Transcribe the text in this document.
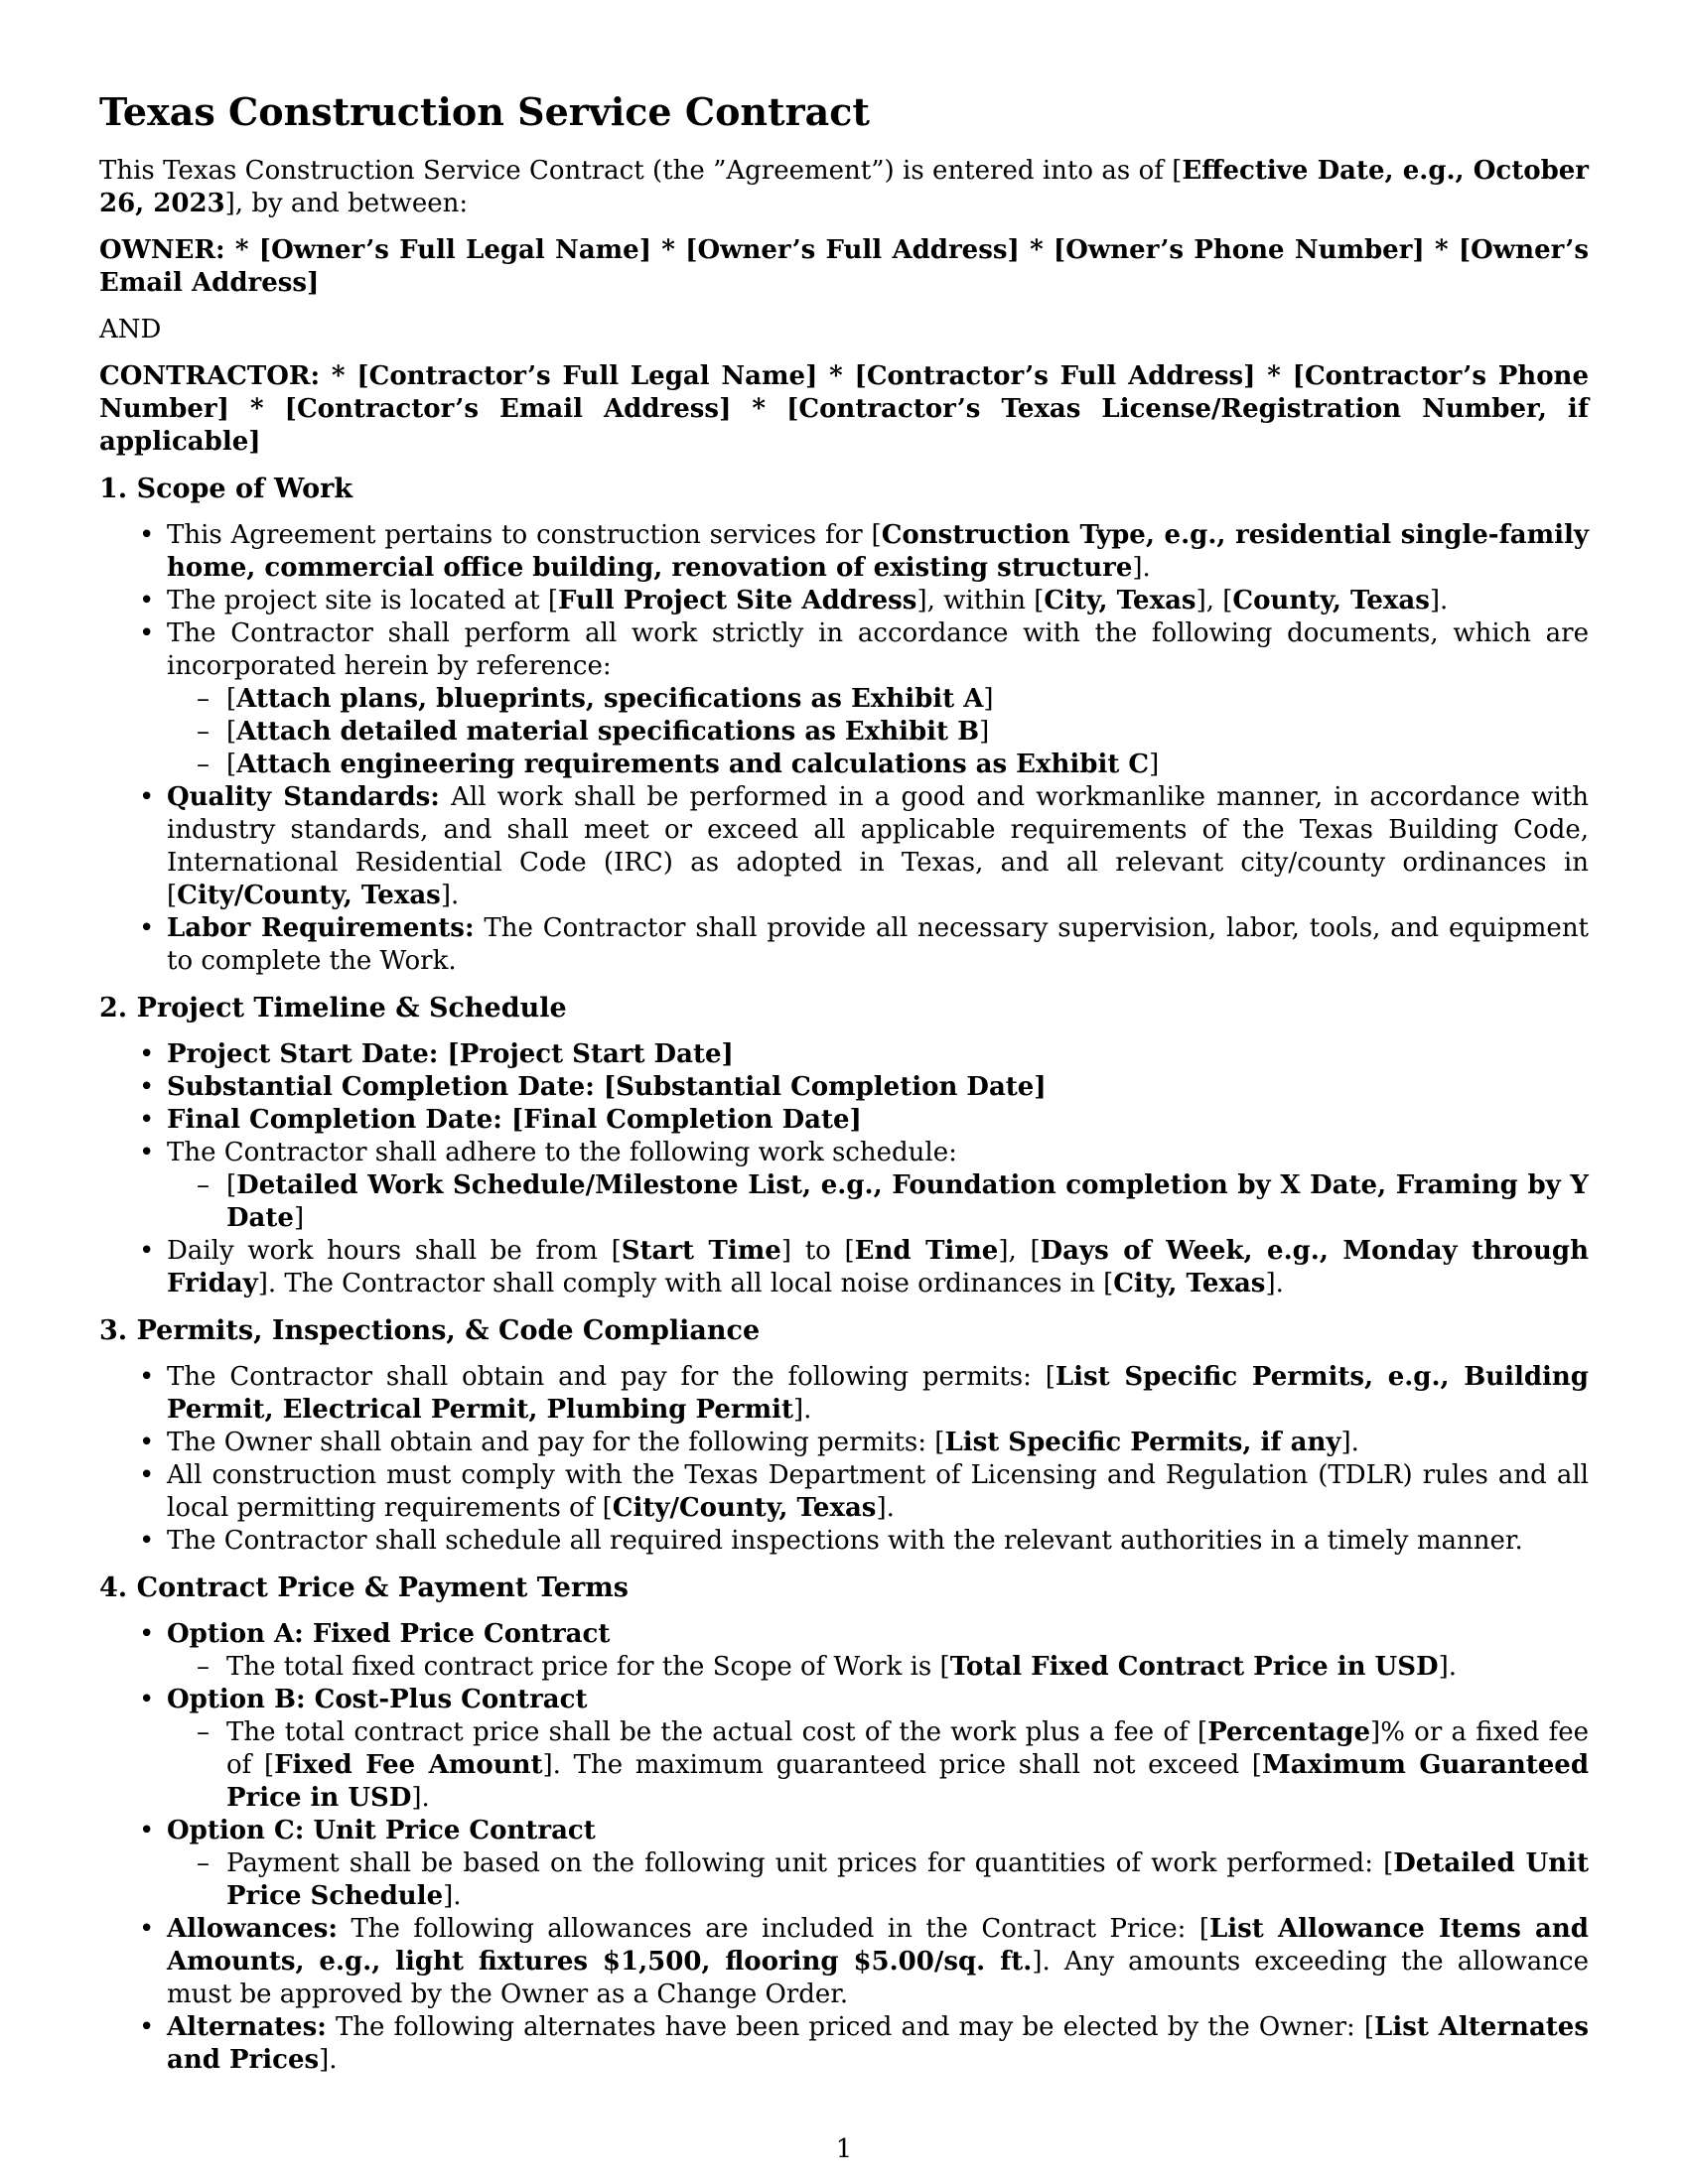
Texas Construction Service Contract

This Texas Construction Service Contract (the ”Agreement”) is entered into as of [Effective Date, e.g., October 26, 2023], by and between:

OWNER: * [Owner’s Full Legal Name] * [Owner’s Full Address] * [Owner’s Phone Number] * [Owner’s Email Address]

AND

CONTRACTOR: * [Contractor’s Full Legal Name] * [Contractor’s Full Address] * [Contractor’s Phone Number] * [Contractor’s Email Address] * [Contractor’s Texas License/Registration Number, if applicable]

1. Scope of Work
• This Agreement pertains to construction services for [Construction Type, e.g., residential single-family home, commercial office building, renovation of existing structure].
• The project site is located at [Full Project Site Address], within [City, Texas], [County, Texas].
• The Contractor shall perform all work strictly in accordance with the following documents, which are incorporated herein by reference:
– [Attach plans, blueprints, specifications as Exhibit A]
– [Attach detailed material specifications as Exhibit B]
– [Attach engineering requirements and calculations as Exhibit C]
• Quality Standards: All work shall be performed in a good and workmanlike manner, in accordance with industry standards, and shall meet or exceed all applicable requirements of the Texas Building Code, International Residential Code (IRC) as adopted in Texas, and all relevant city/county ordinances in [City/County, Texas].
• Labor Requirements: The Contractor shall provide all necessary supervision, labor, tools, and equipment to complete the Work.
2. Project Timeline & Schedule
• Project Start Date: [Project Start Date]
• Substantial Completion Date: [Substantial Completion Date]
• Final Completion Date: [Final Completion Date]
• The Contractor shall adhere to the following work schedule:
– [Detailed Work Schedule/Milestone List, e.g., Foundation completion by X Date, Framing by Y Date]
• Daily work hours shall be from [Start Time] to [End Time], [Days of Week, e.g., Monday through Friday]. The Contractor shall comply with all local noise ordinances in [City, Texas].
3. Permits, Inspections, & Code Compliance
• The Contractor shall obtain and pay for the following permits: [List Specific Permits, e.g., Building Permit, Electrical Permit, Plumbing Permit].
• The Owner shall obtain and pay for the following permits: [List Specific Permits, if any].
• All construction must comply with the Texas Department of Licensing and Regulation (TDLR) rules and all local permitting requirements of [City/County, Texas].
• The Contractor shall schedule all required inspections with the relevant authorities in a timely manner.
4. Contract Price & Payment Terms
• Option A: Fixed Price Contract
– The total fixed contract price for the Scope of Work is [Total Fixed Contract Price in USD].
• Option B: Cost-Plus Contract
– The total contract price shall be the actual cost of the work plus a fee of [Percentage]% or a fixed fee of [Fixed Fee Amount]. The maximum guaranteed price shall not exceed [Maximum Guaranteed Price in USD].
• Option C: Unit Price Contract
– Payment shall be based on the following unit prices for quantities of work performed: [Detailed Unit Price Schedule].
• Allowances: The following allowances are included in the Contract Price: [List Allowance Items and Amounts, e.g., light fixtures $1,500, flooring $5.00/sq. ft.]. Any amounts exceeding the allowance must be approved by the Owner as a Change Order.
• Alternates: The following alternates have been priced and may be elected by the Owner: [List Alternates and Prices].
1
